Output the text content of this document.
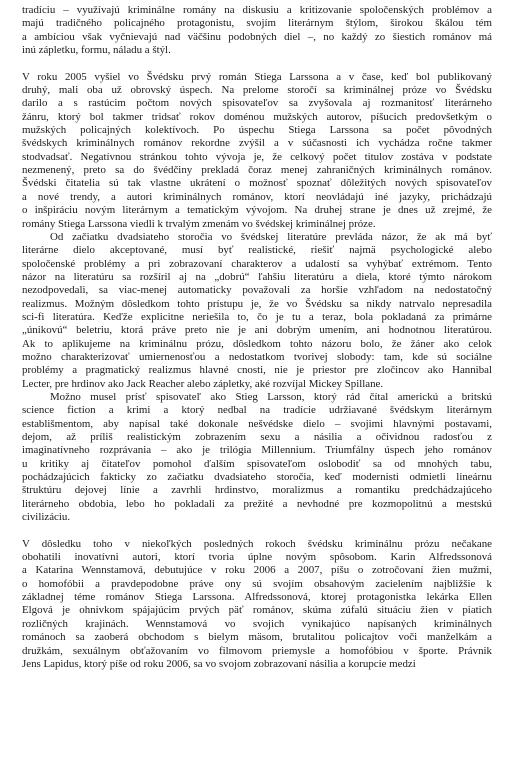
tradíciu – využívajú kriminálne romány na diskusiu a kritizovanie spoločenských problémov a
majú tradičného policajného protagonistu, svojím literárnym štýlom, širokou škálou tém
a ambíciou však vyčnievajú nad väčšinu podobných diel –, no každý zo šiestich románov má
inú zápletku, formu, náladu a štýl.
V roku 2005 vyšiel vo Švédsku prvý román Stiega Larssona a v čase, keď bol publikovaný
druhý, mali oba už obrovský úspech. Na prelome storočí sa kriminálnej próze vo Švédsku
darilo a s rastúcim počtom nových spisovateľov sa zvyšovala aj rozmanitosť literárneho
žánru, ktorý bol takmer tridsať rokov doménou mužských autorov, píšucich predovšetkým o
mužských policajných kolektívoch. Po úspechu Stiega Larssona sa počet pôvodných
švédskych kriminálnych románov rekordne zvýšil a v súčasnosti ich vychádza ročne takmer
stodvadsať. Negatívnou stránkou tohto vývoja je, že celkový počet titulov zostáva v podstate
nezmenený, preto sa do švédčiny prekladá čoraz menej zahraničných kriminálnych románov.
Švédski čitatelia sú tak vlastne ukrátení o možnosť spoznať dôležitých nových spisovateľov
a nové trendy, a autori kriminálnych románov, ktorí neovládajú iné jazyky, prichádzajú
o inšpiráciu novým literárnym a tematickým vývojom. Na druhej strane je dnes už zrejmé, že
romány Stiega Larssona viedli k trvalým zmenám vo švédskej kriminálnej próze.
Od začiatku dvadsiateho storočia vo švédskej literatúre prevláda názor, že ak má byť
literárne dielo akceptované, musí byť realistické, riešiť najmä psychologické alebo
spoločenské problémy a pri zobrazovaní charakterov a udalostí sa vyhýbať extrémom. Tento
názor na literatúru sa rozšíril aj na „dobrú“ ľahšiu literatúru a diela, ktoré týmto nárokom
nezodpovedali, sa viac-menej automaticky považovali za horšie vzhľadom na nedostatočný
realizmus. Možným dôsledkom tohto prístupu je, že vo Švédsku sa nikdy natrvalo nepresadila
sci-fi literatúra. Keďže explicitne neriešila to, čo je tu a teraz, bola pokladaná za primárne
„únikovú“ beletriu, ktorá práve preto nie je ani dobrým umením, ani hodnotnou literatúrou.
Ak to aplikujeme na kriminálnu prózu, dôsledkom tohto názoru bolo, že žáner ako celok
možno charakterizovať umiernenosťou a nedostatkom tvorivej slobody: tam, kde sú sociálne
problémy a pragmatický realizmus hlavné cnosti, nie je priestor pre zločincov ako Hannibal
Lecter, pre hrdinov ako Jack Reacher alebo zápletky, aké rozvíjal Mickey Spillane.
Možno musel prísť spisovateľ ako Stieg Larsson, ktorý rád čítal americkú a britskú
science fiction a krimi a ktorý nedbal na tradície udržiavané švédskym literárnym
establišmentom, aby napísal také dokonale nešvédske dielo – svojimi hlavnými postavami,
dejom, až príliš realistickým zobrazením sexu a násilia a očividnou radosťou z
imaginatívneho rozprávania – ako je trilógia Millennium. Triumfálny úspech jeho románov
u kritiky aj čitateľov pomohol ďalším spisovateľom oslobodiť sa od mnohých tabu,
pochádzajúcich fakticky zo začiatku dvadsiateho storočia, keď modernisti odmietli lineárnu
štruktúru dejovej línie a zavrhli hrdinstvo, moralizmus a romantiku predchádzajúceho
literárneho obdobia, lebo ho pokladali za prežité a nevhodné pre kozmopolitnú a mestskú
civilizáciu.
V dôsledku toho v niekoľkých posledných rokoch švédsku kriminálnu prózu nečakane
obohatili inovatívni autori, ktorí tvoria úplne novým spôsobom. Karin Alfredssonová
a Katarina Wennstamová, debutujúce v roku 2006 a 2007, píšu o zotročovaní žien mužmi,
o homofóbii a pravdepodobne práve ony sú svojím obsahovým zacielením najbližšie k
základnej téme románov Stiega Larssona. Alfredssonová, ktorej protagonistka lekárka Ellen
Elgová je ohnivkom spájajúcim prvých päť románov, skúma zúfalú situáciu žien v piatich
rozličných krajinách. Wennstamová vo svojich vynikajúco napísaných kriminálnych
románoch sa zaoberá obchodom s bielym mäsom, brutalitou policajtov voči manželkám a
družkám, sexuálnym obťažovaním vo filmovom priemysle a homofóbiou v športe. Právnik
Jens Lapidus, ktorý píše od roku 2006, sa vo svojom zobrazovaní násilia a korupcie medzi
